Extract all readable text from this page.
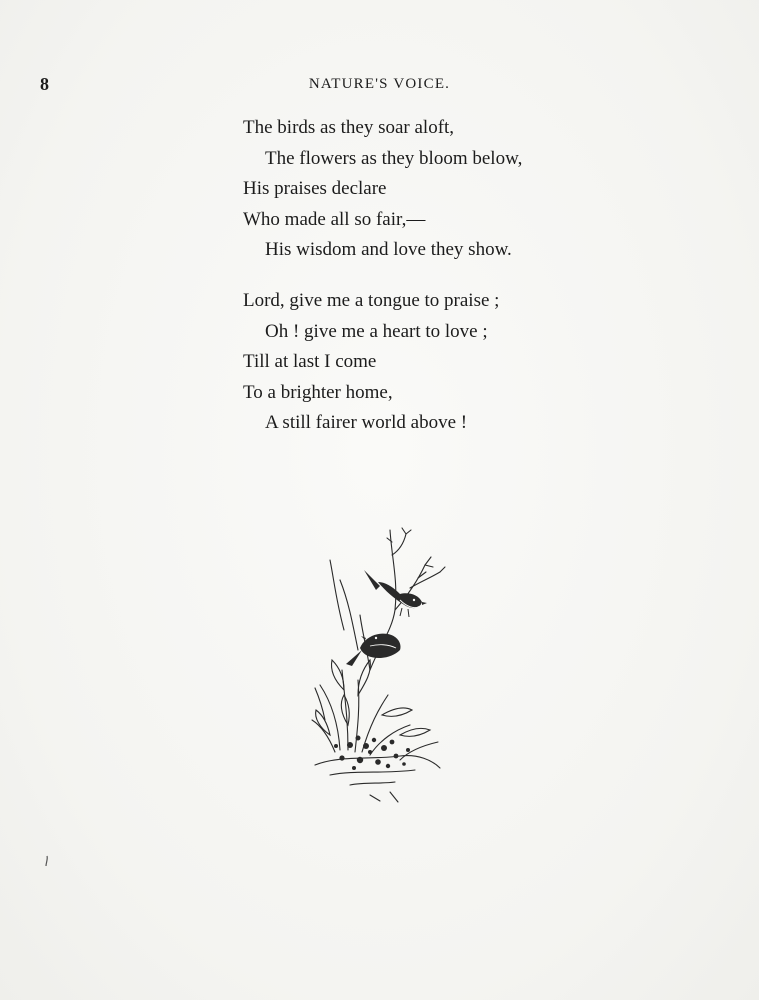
8	NATURE'S VOICE.
The birds as they soar aloft,
The flowers as they bloom below,
His praises declare
Who made all so fair,—
His wisdom and love they show.
Lord, give me a tongue to praise ;
Oh ! give me a heart to love ;
Till at last I come
To a brighter home,
A still fairer world above !
